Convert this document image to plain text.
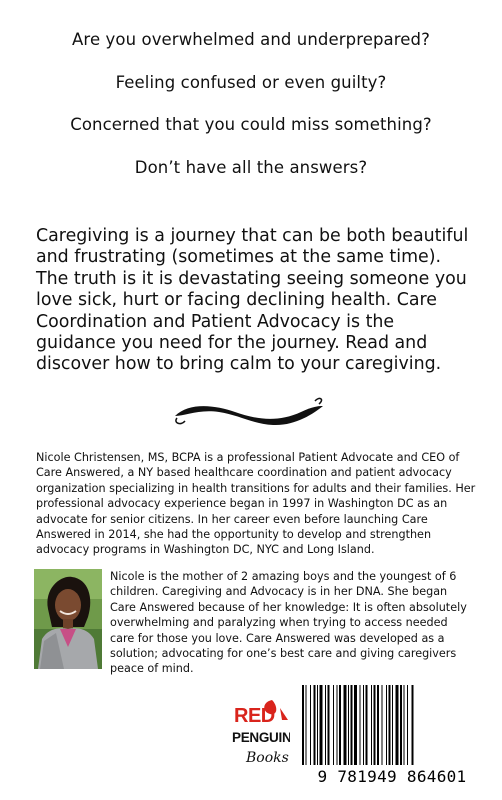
Are you overwhelmed and underprepared?

Feeling confused or even guilty?

Concerned that you could miss something?

Don’t have all the answers?

Caregiving is a journey that can be both beautiful and frustrating (sometimes at the same time). The truth is it is devastating seeing someone you love sick, hurt or facing declining health. Care Coordination and Patient Advocacy is the guidance you need for the journey. Read and discover how to bring calm to your caregiving.

Nicole Christensen, MS, BCPA is a professional Patient Advocate and CEO of Care Answered, a NY based healthcare coordination and patient advocacy organization specializing in health transitions for adults and their families. Her professional advocacy experience began in 1997 in Washington DC as an advocate for senior citizens. In her career even before launching Care Answered in 2014, she had the opportunity to develop and strengthen advocacy programs in Washington DC, NYC and Long Island.

Nicole is the mother of 2 amazing boys and the youngest of 6 children. Caregiving and Advocacy is in her DNA. She began Care Answered because of her knowledge: It is often absolutely overwhelming and paralyzing when trying to access needed care for those you love. Care Answered was developed as a solution; advocating for one’s best care and giving caregivers peace of mind.

RED
PENGUIN
Books
9 781949 864601
